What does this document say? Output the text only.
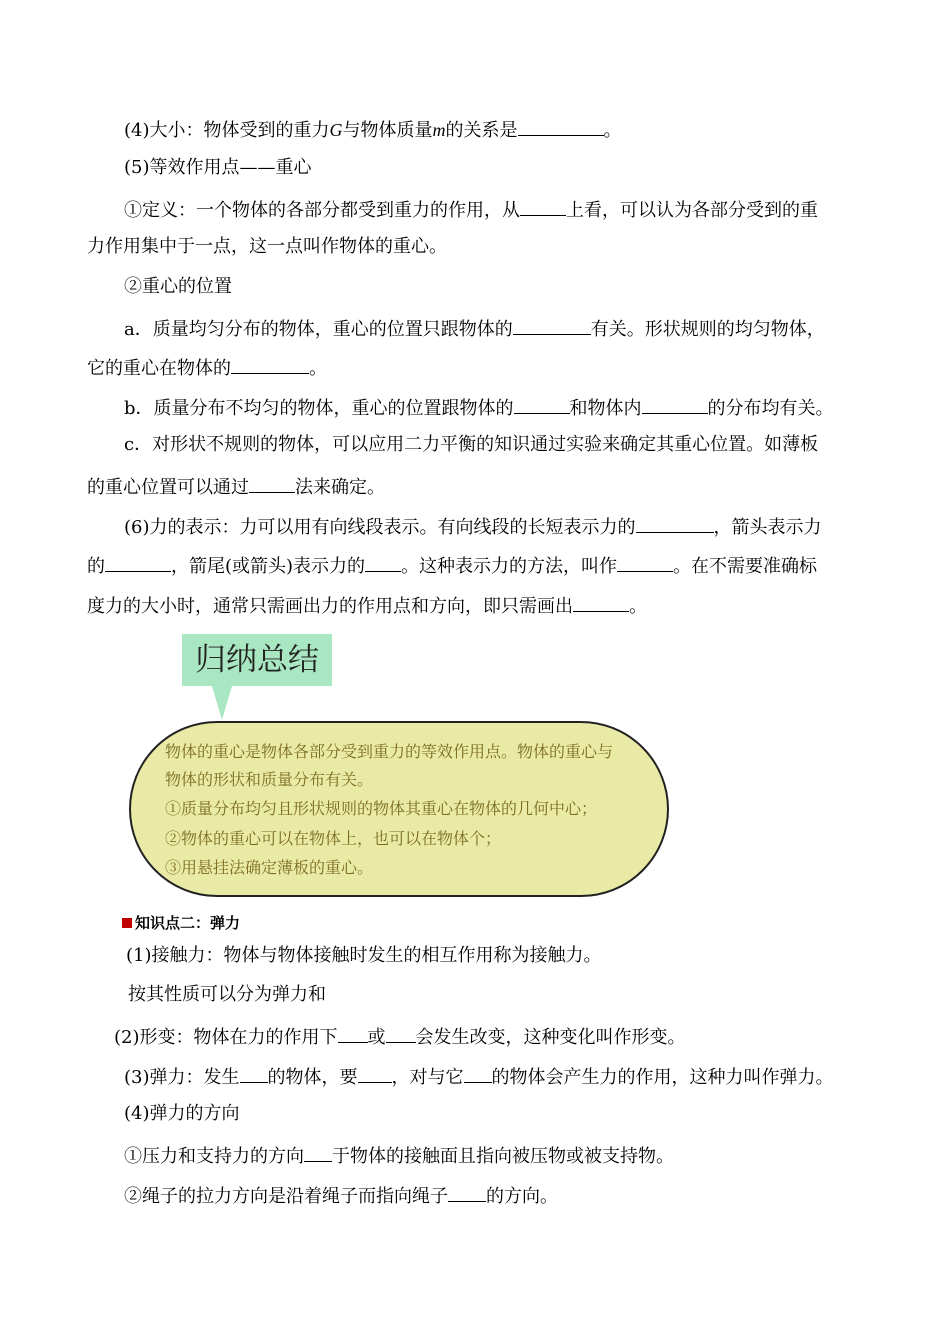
(4)大小：物体受到的重力G与物体质量m的关系是	。
(5)等效作用点——重心
①定义：一个物体的各部分都受到重力的作用，从	上看，可以认为各部分受到的重
力作用集中于一点，这一点叫作物体的重心。
②重心的位置
a．质量均匀分布的物体，重心的位置只跟物体的	有关。形状规则的均匀物体，
它的重心在物体的	。
b．质量分布不均匀的物体，重心的位置跟物体的	和物体内	的分布均有关。
c．对形状不规则的物体，可以应用二力平衡的知识通过实验来确定其重心位置。如薄板
的重心位置可以通过	法来确定。
(6)力的表示：力可以用有向线段表示。有向线段的长短表示力的	，箭头表示力
的	，箭尾(或箭头)表示力的 。这种表示力的方法，叫作	。在不需要准确标
度力的大小时，通常只需画出力的作用点和方向，即只需画出	。
归纳总结
物体的重心是物体各部分受到重力的等效作用点。物体的重心与
物体的形状和质量分布有关。
①质量分布均匀且形状规则的物体其重心在物体的几何中心；
②物体的重心可以在物体上，也可以在物体个；
③用悬挂法确定薄板的重心。
知识点二：弹力
(1)接触力：物体与物体接触时发生的相互作用称为接触力。
按其性质可以分为弹力和
(2)形变：物体在力的作用下 或 会发生改变，这种变化叫作形变。
(3)弹力：发生 的物体，要 ，对与它 的物体会产生力的作用，这种力叫作弹力。
(4)弹力的方向
①压力和支持力的方向 于物体的接触面且指向被压物或被支持物。
②绳子的拉力方向是沿着绳子而指向绳子 的方向。
